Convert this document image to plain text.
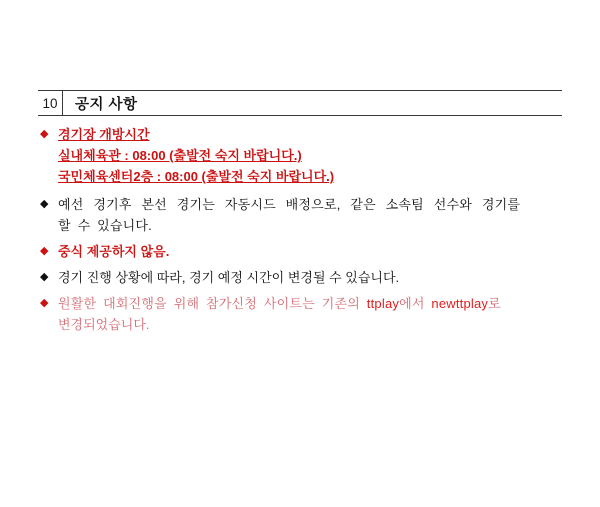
10	공지 사항
◆ 경기장 개방시간
실내체육관 : 08:00 (출발전 숙지 바랍니다.)
국민체육센터2층 : 08:00 (출발전 숙지 바랍니다.)
◆ 예선 경기후 본선 경기는 자동시드 배정으로, 같은 소속팀 선수와 경기를
할 수 있습니다.
◆ 중식 제공하지 않음.
◆ 경기 진행 상황에 따라, 경기 예정 시간이 변경될 수 있습니다.
◆ 원활한 대회진행을 위해 참가신청 사이트는 기존의 ttplay에서 newttplay로
변경되었습니다.
